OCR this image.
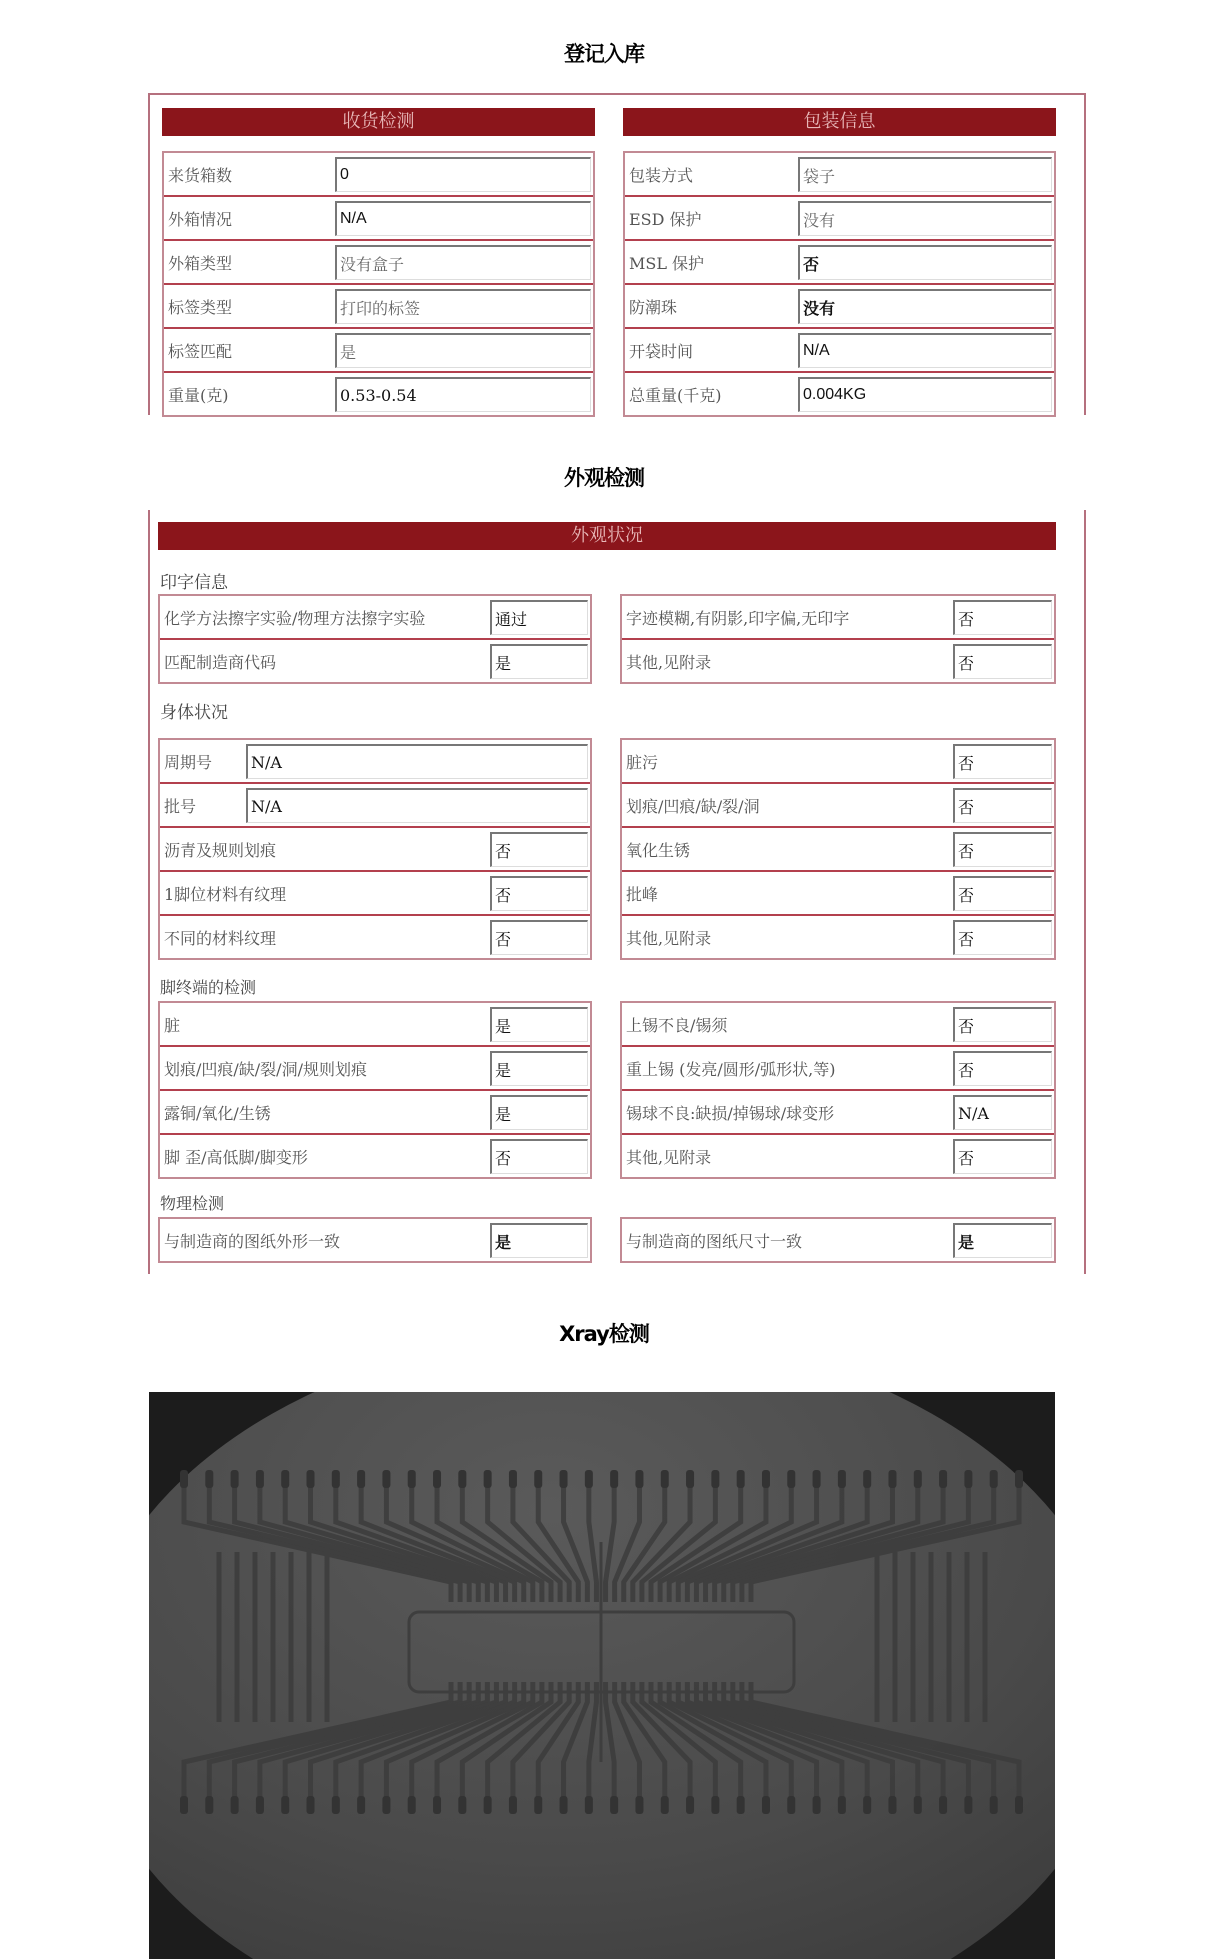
登记入库
收货检测	包装信息
来货箱数	0
外箱情况	N/A
外箱类型	没有盒子
标签类型	打印的标签
标签匹配	是
重量(克)	0.53-0.54
包装方式	袋子
ESD 保护	没有
MSL 保护	否
防潮珠	没有
开袋时间	N/A
总重量(千克)	0.004KG
外观检测
外观状况
印字信息
化学方法擦字实验/物理方法擦字实验	通过
匹配制造商代码	是
字迹模糊,有阴影,印字偏,无印字	否
其他,见附录	否
身体状况
周期号	N/A
批号	N/A
沥青及规则划痕	否
1脚位材料有纹理	否
不同的材料纹理	否
脏污	否
划痕/凹痕/缺/裂/洞	否
氧化生锈	否
批峰	否
其他,见附录	否
脚终端的检测
脏	是
划痕/凹痕/缺/裂/洞/规则划痕	是
露铜/氧化/生锈	是
脚 歪/高低脚/脚变形	否
上锡不良/锡须	否
重上锡 (发亮/圆形/弧形状,等)	否
锡球不良:缺损/掉锡球/球变形	N/A
其他,见附录	否
物理检测
与制造商的图纸外形一致	是	与制造商的图纸尺寸一致	是
Xray检测
